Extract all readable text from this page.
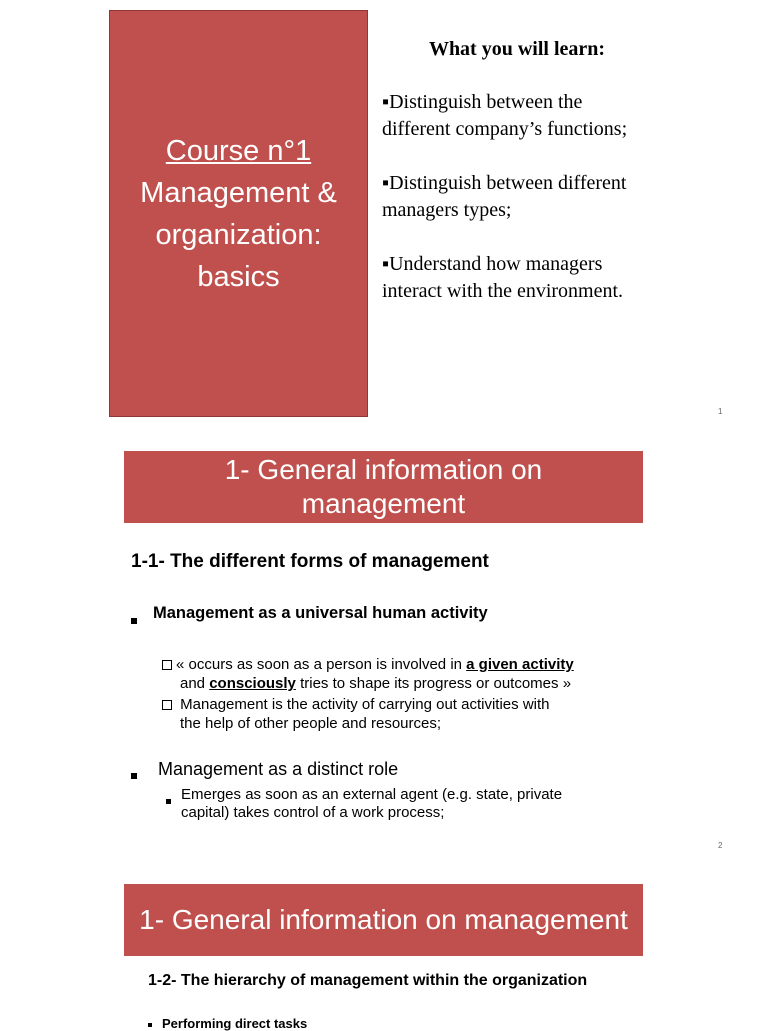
Course n°1
Management &
organization:
basics
What you will learn:
▪Distinguish between the different company’s functions;
▪Distinguish between different managers types;
▪Understand how managers interact with the environment.
1
1- General information on management
1-1- The different forms of management
Management as a universal human activity
« occurs as soon as a person is involved in a given activity
and consciously tries to shape its progress or outcomes »
Management is the activity of carrying out activities with
the help of other people and resources;
Management as a distinct role
Emerges as soon as an external agent (e.g. state, private
capital) takes control of a work process;
2
1- General information on management
1-2- The hierarchy of management within the organization
Performing direct tasks
